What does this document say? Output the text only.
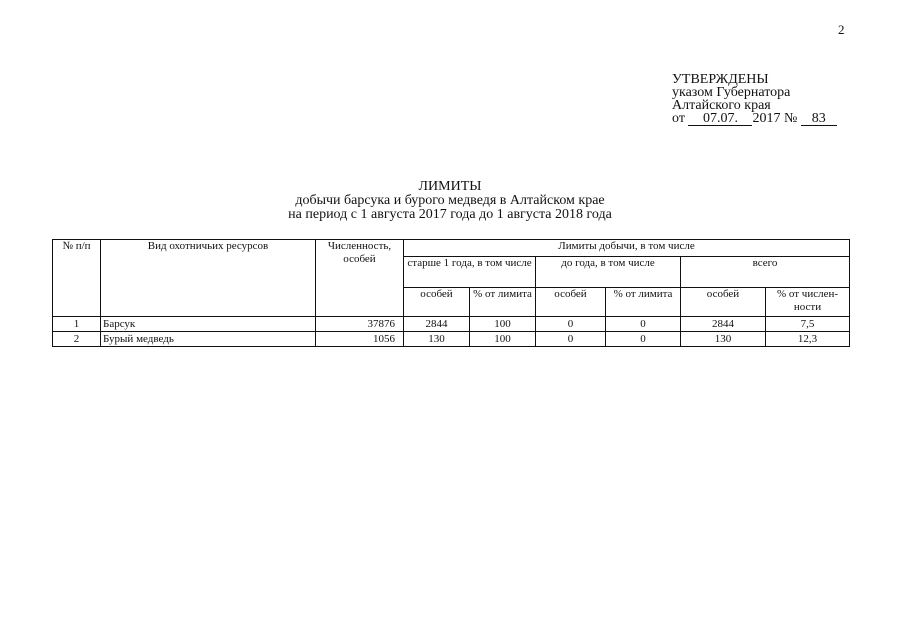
2
УТВЕРЖДЕНЫ
указом Губернатора
Алтайского края
от 07.07. 2017 № 83
ЛИМИТЫ
добычи барсука и бурого медведя в Алтайском крае
на период с 1 августа 2017 года до 1 августа 2018 года
№ п/п	Вид охотничьих ресурсов	Численность, особей	Лимиты добычи, в том числе					
			старше 1 года, в том числе		до года, в том числе		всего	
			особей	% от лимита	особей	% от лимита	особей	% от числен-ности
1	Барсук	37876	2844	100	0	0	2844	7,5
2	Бурый медведь	1056	130	100	0	0	130	12,3
